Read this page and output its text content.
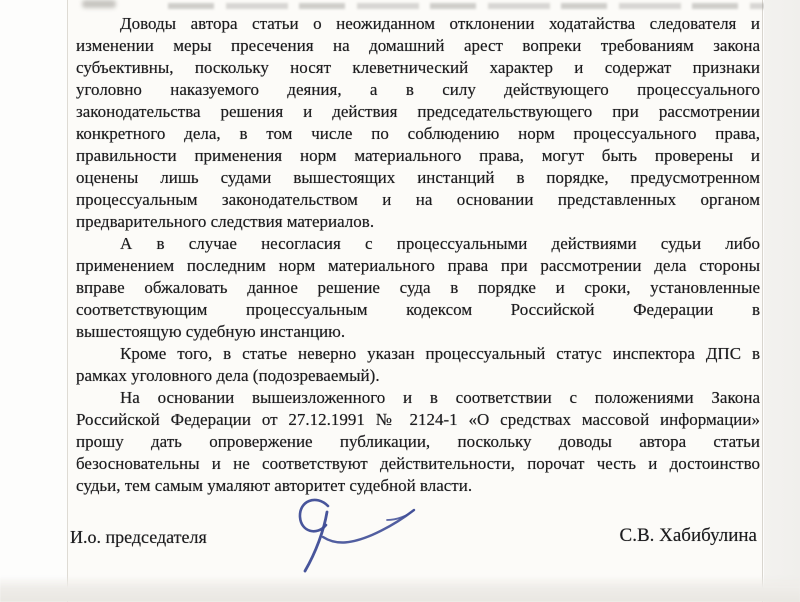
Доводы автора статьи о неожиданном отклонении ходатайства следователя и
изменении меры пресечения на домашний арест вопреки требованиям закона
субъективны, поскольку носят клеветнический характер и содержат признаки
уголовно наказуемого деяния, а в силу действующего процессуального
законодательства решения и действия председательствующего при рассмотрении
конкретного дела, в том числе по соблюдению норм процессуального права,
правильности применения норм материального права, могут быть проверены и
оценены лишь судами вышестоящих инстанций в порядке, предусмотренном
процессуальным законодательством и на основании представленных органом
предварительного следствия материалов.
А в случае несогласия с процессуальными действиями судьи либо
применением последним норм материального права при рассмотрении дела стороны
вправе обжаловать данное решение суда в порядке и сроки, установленные
соответствующим процессуальным кодексом Российской Федерации в
вышестоящую судебную инстанцию.
Кроме того, в статье неверно указан процессуальный статус инспектора ДПС в
рамках уголовного дела (подозреваемый).
На основании вышеизложенного и в соответствии с положениями Закона
Российской Федерации от 27.12.1991 № 2124-1 «О средствах массовой информации»
прошу дать опровержение публикации, поскольку доводы автора статьи
безосновательны и не соответствуют действительности, порочат честь и достоинство
судьи, тем самым умаляют авторитет судебной власти.
И.о. председателя	С.В. Хабибулина
